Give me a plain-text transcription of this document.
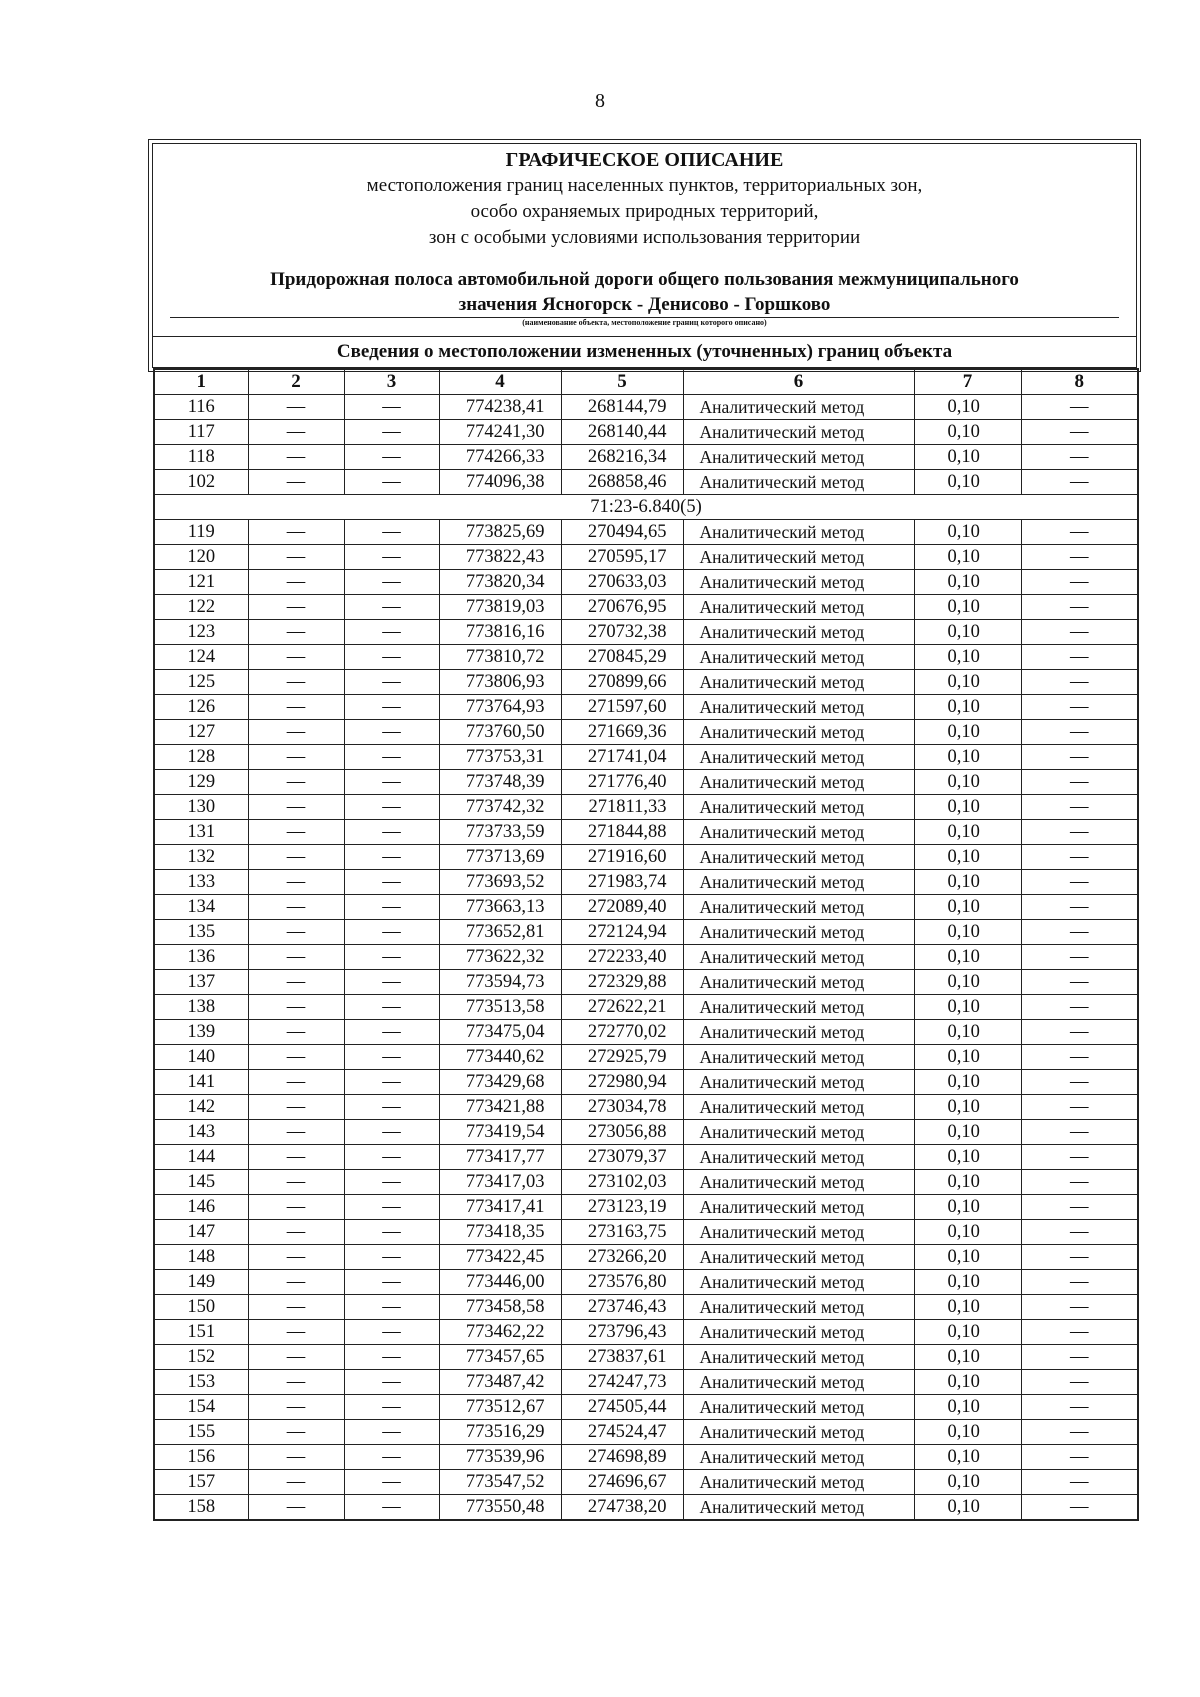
8
ГРАФИЧЕСКОЕ ОПИСАНИЕ
местоположения границ населенных пунктов, территориальных зон,
особо охраняемых природных территорий,
зон с особыми условиями использования территории
Придорожная полоса автомобильной дороги общего пользования межмуниципального
значения Ясногорск - Денисово - Горшково
(наименование объекта, местоположение границ которого описано)
Сведения о местоположении измененных (уточненных) границ объекта
1	2	3	4	5	6	7	8
116	—	—	774238,41	268144,79	Аналитический метод	0,10	—
117	—	—	774241,30	268140,44	Аналитический метод	0,10	—
118	—	—	774266,33	268216,34	Аналитический метод	0,10	—
102	—	—	774096,38	268858,46	Аналитический метод	0,10	—
71:23-6.840(5)							
119	—	—	773825,69	270494,65	Аналитический метод	0,10	—
120	—	—	773822,43	270595,17	Аналитический метод	0,10	—
121	—	—	773820,34	270633,03	Аналитический метод	0,10	—
122	—	—	773819,03	270676,95	Аналитический метод	0,10	—
123	—	—	773816,16	270732,38	Аналитический метод	0,10	—
124	—	—	773810,72	270845,29	Аналитический метод	0,10	—
125	—	—	773806,93	270899,66	Аналитический метод	0,10	—
126	—	—	773764,93	271597,60	Аналитический метод	0,10	—
127	—	—	773760,50	271669,36	Аналитический метод	0,10	—
128	—	—	773753,31	271741,04	Аналитический метод	0,10	—
129	—	—	773748,39	271776,40	Аналитический метод	0,10	—
130	—	—	773742,32	271811,33	Аналитический метод	0,10	—
131	—	—	773733,59	271844,88	Аналитический метод	0,10	—
132	—	—	773713,69	271916,60	Аналитический метод	0,10	—
133	—	—	773693,52	271983,74	Аналитический метод	0,10	—
134	—	—	773663,13	272089,40	Аналитический метод	0,10	—
135	—	—	773652,81	272124,94	Аналитический метод	0,10	—
136	—	—	773622,32	272233,40	Аналитический метод	0,10	—
137	—	—	773594,73	272329,88	Аналитический метод	0,10	—
138	—	—	773513,58	272622,21	Аналитический метод	0,10	—
139	—	—	773475,04	272770,02	Аналитический метод	0,10	—
140	—	—	773440,62	272925,79	Аналитический метод	0,10	—
141	—	—	773429,68	272980,94	Аналитический метод	0,10	—
142	—	—	773421,88	273034,78	Аналитический метод	0,10	—
143	—	—	773419,54	273056,88	Аналитический метод	0,10	—
144	—	—	773417,77	273079,37	Аналитический метод	0,10	—
145	—	—	773417,03	273102,03	Аналитический метод	0,10	—
146	—	—	773417,41	273123,19	Аналитический метод	0,10	—
147	—	—	773418,35	273163,75	Аналитический метод	0,10	—
148	—	—	773422,45	273266,20	Аналитический метод	0,10	—
149	—	—	773446,00	273576,80	Аналитический метод	0,10	—
150	—	—	773458,58	273746,43	Аналитический метод	0,10	—
151	—	—	773462,22	273796,43	Аналитический метод	0,10	—
152	—	—	773457,65	273837,61	Аналитический метод	0,10	—
153	—	—	773487,42	274247,73	Аналитический метод	0,10	—
154	—	—	773512,67	274505,44	Аналитический метод	0,10	—
155	—	—	773516,29	274524,47	Аналитический метод	0,10	—
156	—	—	773539,96	274698,89	Аналитический метод	0,10	—
157	—	—	773547,52	274696,67	Аналитический метод	0,10	—
158	—	—	773550,48	274738,20	Аналитический метод	0,10	—
